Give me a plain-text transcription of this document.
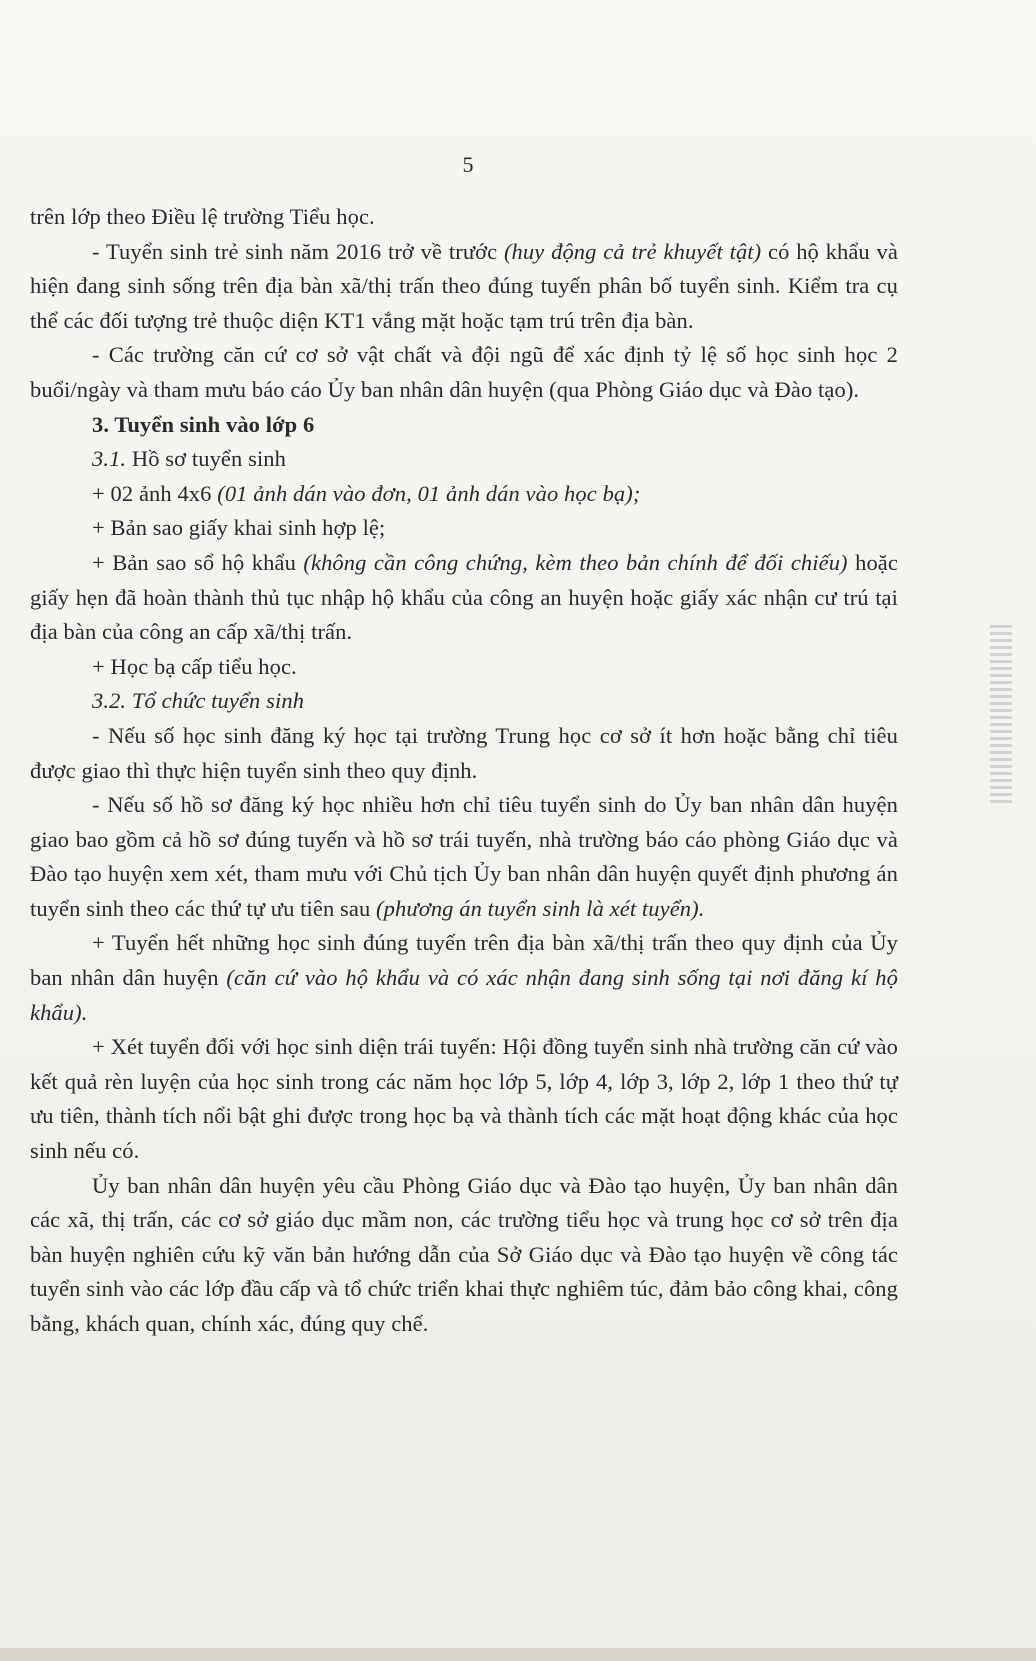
5

trên lớp theo Điều lệ trường Tiểu học.

- Tuyển sinh trẻ sinh năm 2016 trở về trước (huy động cả trẻ khuyết tật) có hộ khẩu và hiện đang sinh sống trên địa bàn xã/thị trấn theo đúng tuyến phân bố tuyển sinh. Kiểm tra cụ thể các đối tượng trẻ thuộc diện KT1 vắng mặt hoặc tạm trú trên địa bàn.

- Các trường căn cứ cơ sở vật chất và đội ngũ để xác định tỷ lệ số học sinh học 2 buổi/ngày và tham mưu báo cáo Ủy ban nhân dân huyện (qua Phòng Giáo dục và Đào tạo).

3. Tuyển sinh vào lớp 6

3.1. Hồ sơ tuyển sinh

+ 02 ảnh 4x6 (01 ảnh dán vào đơn, 01 ảnh dán vào học bạ);

+ Bản sao giấy khai sinh hợp lệ;

+ Bản sao sổ hộ khẩu (không cần công chứng, kèm theo bản chính để đối chiếu) hoặc giấy hẹn đã hoàn thành thủ tục nhập hộ khẩu của công an huyện hoặc giấy xác nhận cư trú tại địa bàn của công an cấp xã/thị trấn.

+ Học bạ cấp tiểu học.

3.2. Tổ chức tuyển sinh

- Nếu số học sinh đăng ký học tại trường Trung học cơ sở ít hơn hoặc bằng chỉ tiêu được giao thì thực hiện tuyển sinh theo quy định.

- Nếu số hồ sơ đăng ký học nhiều hơn chỉ tiêu tuyển sinh do Ủy ban nhân dân huyện giao bao gồm cả hồ sơ đúng tuyến và hồ sơ trái tuyến, nhà trường báo cáo phòng Giáo dục và Đào tạo huyện xem xét, tham mưu với Chủ tịch Ủy ban nhân dân huyện quyết định phương án tuyển sinh theo các thứ tự ưu tiên sau (phương án tuyển sinh là xét tuyển).

+ Tuyển hết những học sinh đúng tuyến trên địa bàn xã/thị trấn theo quy định của Ủy ban nhân dân huyện (căn cứ vào hộ khẩu và có xác nhận đang sinh sống tại nơi đăng kí hộ khẩu).

+ Xét tuyển đối với học sinh diện trái tuyến: Hội đồng tuyển sinh nhà trường căn cứ vào kết quả rèn luyện của học sinh trong các năm học lớp 5, lớp 4, lớp 3, lớp 2, lớp 1 theo thứ tự ưu tiên, thành tích nổi bật ghi được trong học bạ và thành tích các mặt hoạt động khác của học sinh nếu có.

Ủy ban nhân dân huyện yêu cầu Phòng Giáo dục và Đào tạo huyện, Ủy ban nhân dân các xã, thị trấn, các cơ sở giáo dục mầm non, các trường tiểu học và trung học cơ sở trên địa bàn huyện nghiên cứu kỹ văn bản hướng dẫn của Sở Giáo dục và Đào tạo huyện về công tác tuyển sinh vào các lớp đầu cấp và tổ chức triển khai thực nghiêm túc, đảm bảo công khai, công bằng, khách quan, chính xác, đúng quy chế.
